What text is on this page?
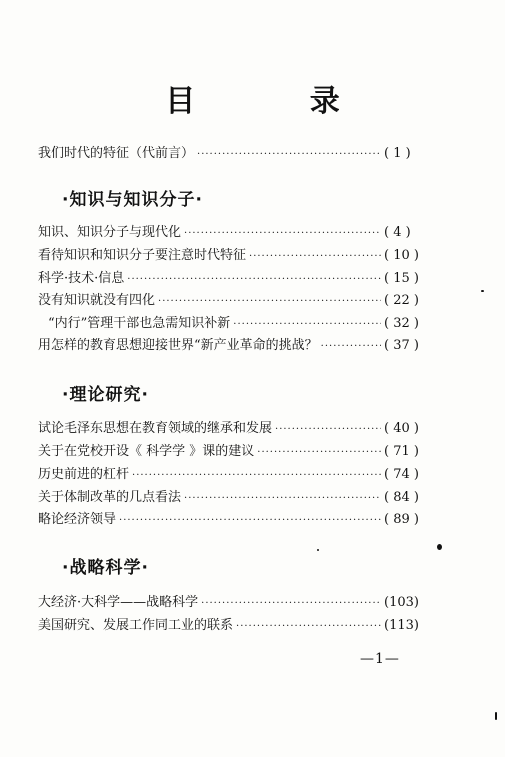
目 录
我们时代的特征（代前言） ·····	( 1 )
·知识与知识分子·
知识、知识分子与现代化 ·····	( 4 )
看待知识和知识分子要注意时代特征 ·····	( 10 )
科学·技术·信息 ·····	( 15 )
没有知识就没有四化 ·····	( 22 )
“内行”管理干部也急需知识补新 ·····	( 32 )
用怎样的教育思想迎接世界“新产业革命的挑战？ ·····	( 37 )
·理论研究·
试论毛泽东思想在教育领域的继承和发展 ·····	( 40 )
关于在党校开设《 科学学 》课的建议 ·····	( 71 )
历史前进的杠杆 ·····	( 74 )
关于体制改革的几点看法 ·····	( 84 )
略论经济领导 ·····	( 89 )
·战略科学·
大经济·大科学——战略科学 ·····	(103)
美国研究、发展工作同工业的联系 ·····	(113)
—1—
